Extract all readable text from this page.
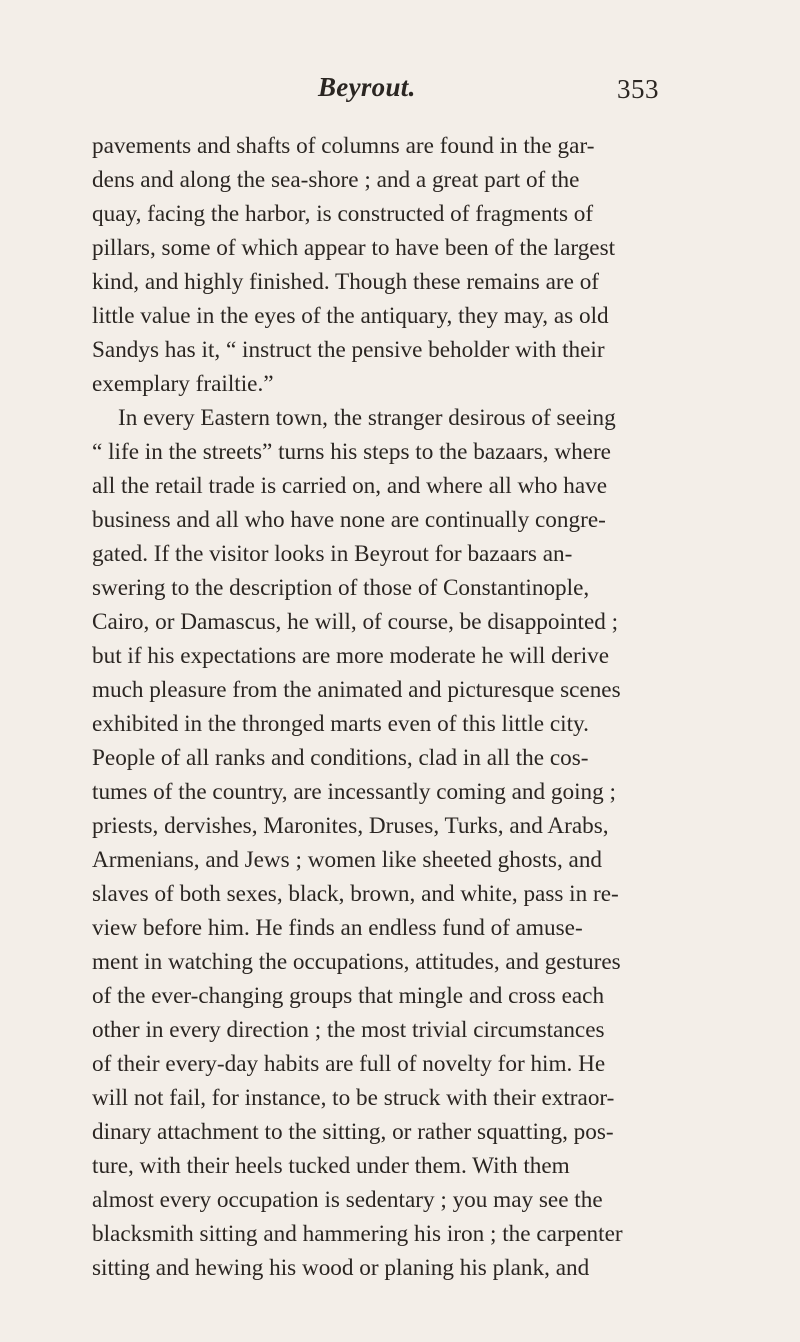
Beyrout.	353
pavements and shafts of columns are found in the gar-
dens and along the sea-shore ; and a great part of the
quay, facing the harbor, is constructed of fragments of
pillars, some of which appear to have been of the largest
kind, and highly finished. Though these remains are of
little value in the eyes of the antiquary, they may, as old
Sandys has it, “ instruct the pensive beholder with their
exemplary frailtie.”
In every Eastern town, the stranger desirous of seeing
“ life in the streets” turns his steps to the bazaars, where
all the retail trade is carried on, and where all who have
business and all who have none are continually congre-
gated. If the visitor looks in Beyrout for bazaars an-
swering to the description of those of Constantinople,
Cairo, or Damascus, he will, of course, be disappointed ;
but if his expectations are more moderate he will derive
much pleasure from the animated and picturesque scenes
exhibited in the thronged marts even of this little city.
People of all ranks and conditions, clad in all the cos-
tumes of the country, are incessantly coming and going ;
priests, dervishes, Maronites, Druses, Turks, and Arabs,
Armenians, and Jews ; women like sheeted ghosts, and
slaves of both sexes, black, brown, and white, pass in re-
view before him. He finds an endless fund of amuse-
ment in watching the occupations, attitudes, and gestures
of the ever-changing groups that mingle and cross each
other in every direction ; the most trivial circumstances
of their every-day habits are full of novelty for him. He
will not fail, for instance, to be struck with their extraor-
dinary attachment to the sitting, or rather squatting, pos-
ture, with their heels tucked under them. With them
almost every occupation is sedentary ; you may see the
blacksmith sitting and hammering his iron ; the carpenter
sitting and hewing his wood or planing his plank, and
